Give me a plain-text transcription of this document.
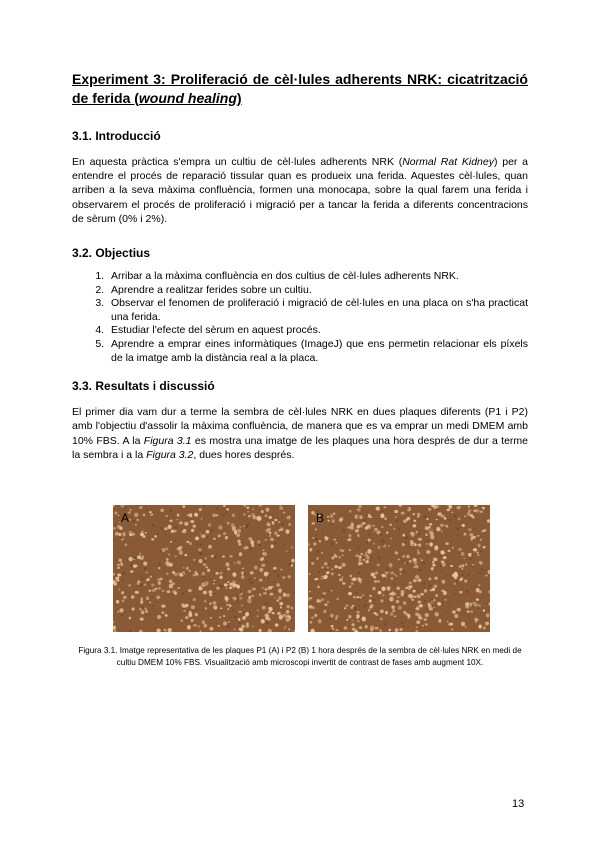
Experiment 3: Proliferació de cèl·lules adherents NRK: cicatrització de ferida (wound healing)
3.1. Introducció

En aquesta pràctica s'empra un cultiu de cèl·lules adherents NRK (Normal Rat Kidney) per a entendre el procés de reparació tissular quan es produeix una ferida. Aquestes cèl·lules, quan arriben a la seva màxima confluència, formen una monocapa, sobre la qual farem una ferida i observarem el procés de proliferació i migració per a tancar la ferida a diferents concentracions de sèrum (0% i 2%).

3.2. Objectius
1. Arribar a la màxima confluència en dos cultius de cèl·lules adherents NRK.
2. Aprendre a realitzar ferides sobre un cultiu.
3. Observar el fenomen de proliferació i migració de cèl·lules en una placa on s'ha practicat una ferida.
4. Estudiar l'efecte del sèrum en aquest procés.
5. Aprendre a emprar eines informàtiques (ImageJ) que ens permetin relacionar els píxels de la imatge amb la distància real a la placa.
3.3. Resultats i discussió

El primer dia vam dur a terme la sembra de cèl·lules NRK en dues plaques diferents (P1 i P2) amb l'objectiu d'assolir la màxima confluència, de manera que es va emprar un medi DMEM amb 10% FBS. A la Figura 3.1 es mostra una imatge de les plaques una hora després de dur a terme la sembra i a la Figura 3.2, dues hores després.

A	B
Figura 3.1. Imatge representativa de les plaques P1 (A) i P2 (B) 1 hora després de la sembra de cèl·lules NRK en medi de cultiu DMEM 10% FBS. Visualització amb microscopi invertit de contrast de fases amb augment 10X.
13
